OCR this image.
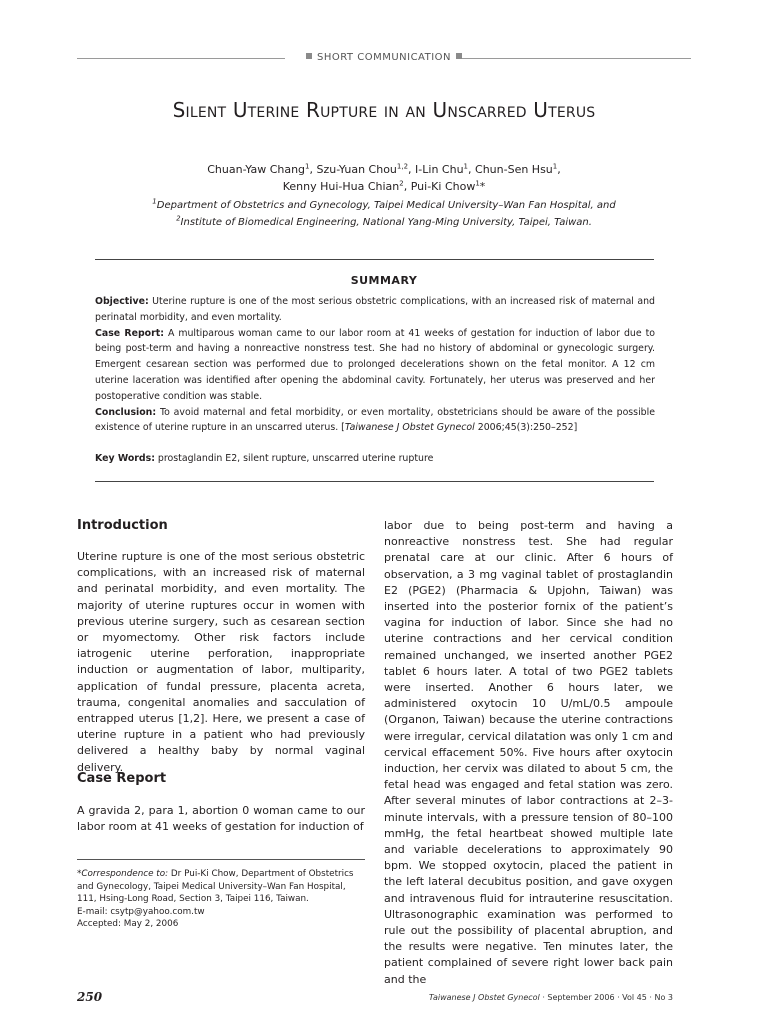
SHORT COMMUNICATION
Silent Uterine Rupture in an Unscarred Uterus
Chuan-Yaw Chang$^1$, Szu-Yuan Chou$^{1,2}$, I-Lin Chu$^1$, Chun-Sen Hsu$^1$,
Kenny Hui-Hua Chian$^2$, Pui-Ki Chow$^1$*
$^1$Department of Obstetrics and Gynecology, Taipei Medical University–Wan Fan Hospital, and
$^2$Institute of Biomedical Engineering, National Yang-Ming University, Taipei, Taiwan.
SUMMARY

Objective: Uterine rupture is one of the most serious obstetric complications, with an increased risk of maternal and perinatal morbidity, and even mortality.

Case Report: A multiparous woman came to our labor room at 41 weeks of gestation for induction of labor due to being post-term and having a nonreactive nonstress test. She had no history of abdominal or gynecologic surgery. Emergent cesarean section was performed due to prolonged decelerations shown on the fetal monitor. A 12 cm uterine laceration was identified after opening the abdominal cavity. Fortunately, her uterus was preserved and her postoperative condition was stable.

Conclusion: To avoid maternal and fetal morbidity, or even mortality, obstetricians should be aware of the possible existence of uterine rupture in an unscarred uterus. [Taiwanese J Obstet Gynecol 2006;45(3):250–252]

Key Words: prostaglandin E2, silent rupture, unscarred uterine rupture
Introduction

Uterine rupture is one of the most serious obstetric complications, with an increased risk of maternal and perinatal morbidity, and even mortality. The majority of uterine ruptures occur in women with previous uterine surgery, such as cesarean section or myomectomy. Other risk factors include iatrogenic uterine perforation, inappropriate induction or augmentation of labor, multiparity, application of fundal pressure, placenta acreta, trauma, congenital anomalies and sacculation of entrapped uterus [1,2]. Here, we present a case of uterine rupture in a patient who had previously delivered a healthy baby by normal vaginal delivery.

Case Report

A gravida 2, para 1, abortion 0 woman came to our labor room at 41 weeks of gestation for induction of

*Correspondence to: Dr Pui-Ki Chow, Department of Obstetrics and Gynecology, Taipei Medical University–Wan Fan Hospital, 111, Hsing-Long Road, Section 3, Taipei 116, Taiwan.

E-mail: csytp@yahoo.com.tw

Accepted: May 2, 2006

labor due to being post-term and having a nonreactive nonstress test. She had regular prenatal care at our clinic. After 6 hours of observation, a 3 mg vaginal tablet of prostaglandin E2 (PGE2) (Pharmacia & Upjohn, Taiwan) was inserted into the posterior fornix of the patient’s vagina for induction of labor. Since she had no uterine contractions and her cervical condition remained unchanged, we inserted another PGE2 tablet 6 hours later. A total of two PGE2 tablets were inserted. Another 6 hours later, we administered oxytocin 10 U/mL/0.5 ampoule (Organon, Taiwan) because the uterine contractions were irregular, cervical dilatation was only 1 cm and cervical effacement 50%. Five hours after oxytocin induction, her cervix was dilated to about 5 cm, the fetal head was engaged and fetal station was zero. After several minutes of labor contractions at 2–3-minute intervals, with a pressure tension of 80–100 mmHg, the fetal heartbeat showed multiple late and variable decelerations to approximately 90 bpm. We stopped oxytocin, placed the patient in the left lateral decubitus position, and gave oxygen and intravenous fluid for intrauterine resuscitation. Ultrasonographic examination was performed to rule out the possibility of placental abruption, and the results were negative. Ten minutes later, the patient complained of severe right lower back pain and the

250	Taiwanese J Obstet Gynecol · September 2006 · Vol 45 · No 3
